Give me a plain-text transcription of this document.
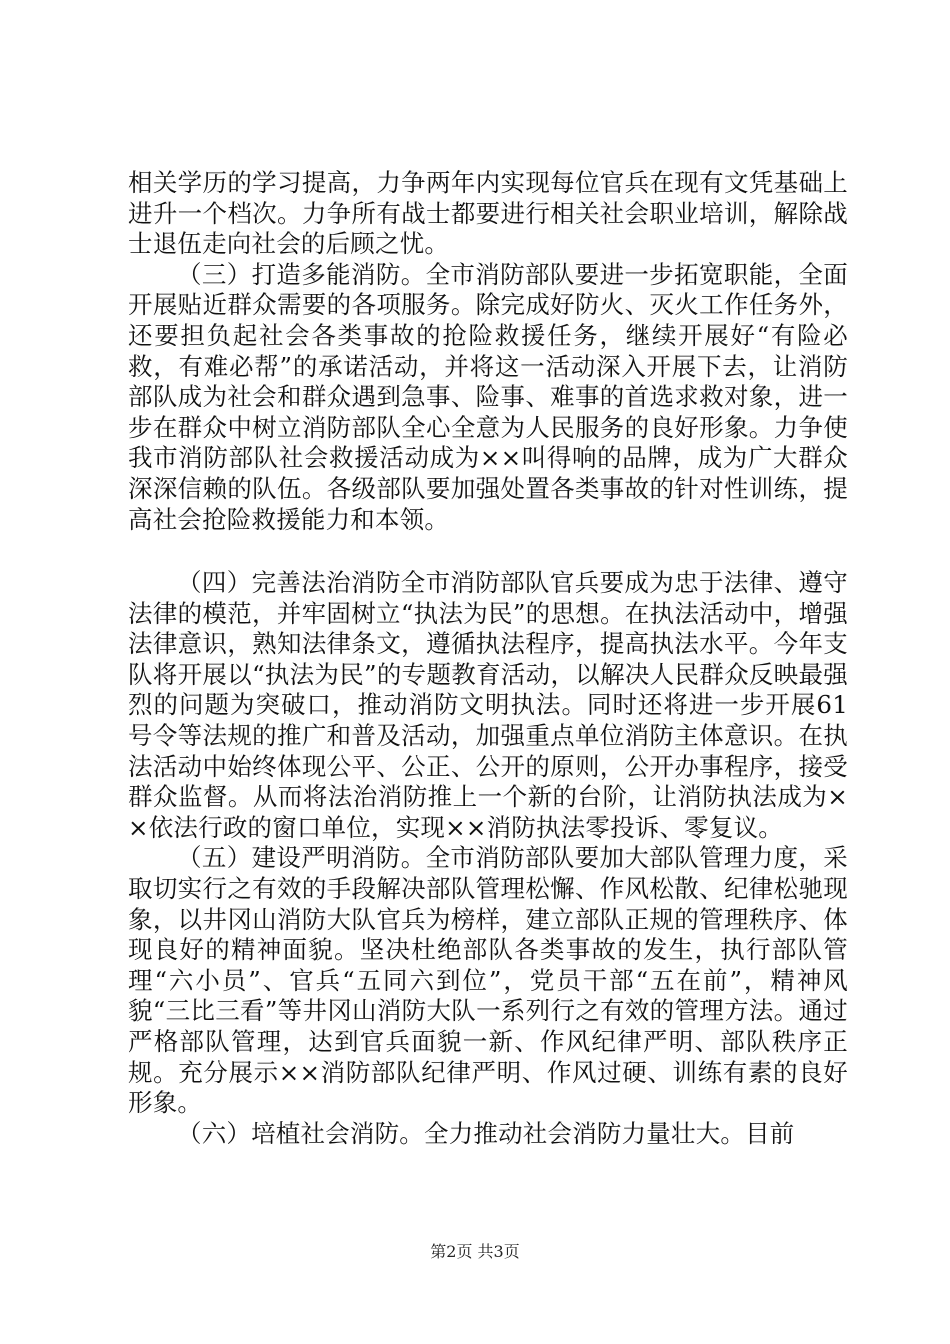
相关学历的学习提高，力争两年内实现每位官兵在现有文凭基础上进升一个档次。力争所有战士都要进行相关社会职业培训，解除战士退伍走向社会的后顾之忧。

（三）打造多能消防。全市消防部队要进一步拓宽职能，全面开展贴近群众需要的各项服务。除完成好防火、灭火工作任务外，还要担负起社会各类事故的抢险救援任务，继续开展好“有险必救，有难必帮”的承诺活动，并将这一活动深入开展下去，让消防部队成为社会和群众遇到急事、险事、难事的首选求救对象，进一步在群众中树立消防部队全心全意为人民服务的良好形象。力争使我市消防部队社会救援活动成为××叫得响的品牌，成为广大群众深深信赖的队伍。各级部队要加强处置各类事故的针对性训练，提高社会抢险救援能力和本领。

（四）完善法治消防全市消防部队官兵要成为忠于法律、遵守法律的模范，并牢固树立“执法为民”的思想。在执法活动中，增强法律意识，熟知法律条文，遵循执法程序，提高执法水平。今年支队将开展以“执法为民”的专题教育活动，以解决人民群众反映最强烈的问题为突破口，推动消防文明执法。同时还将进一步开展61号令等法规的推广和普及活动，加强重点单位消防主体意识。在执法活动中始终体现公平、公正、公开的原则，公开办事程序，接受群众监督。从而将法治消防推上一个新的台阶，让消防执法成为××依法行政的窗口单位，实现××消防执法零投诉、零复议。

（五）建设严明消防。全市消防部队要加大部队管理力度，采取切实行之有效的手段解决部队管理松懈、作风松散、纪律松驰现象，以井冈山消防大队官兵为榜样，建立部队正规的管理秩序、体现良好的精神面貌。坚决杜绝部队各类事故的发生，执行部队管理“六小员”、官兵“五同六到位”，党员干部“五在前”，精神风貌“三比三看”等井冈山消防大队一系列行之有效的管理方法。通过严格部队管理，达到官兵面貌一新、作风纪律严明、部队秩序正规。充分展示××消防部队纪律严明、作风过硬、训练有素的良好形象。

（六）培植社会消防。全力推动社会消防力量壮大。目前

第2页 共3页
